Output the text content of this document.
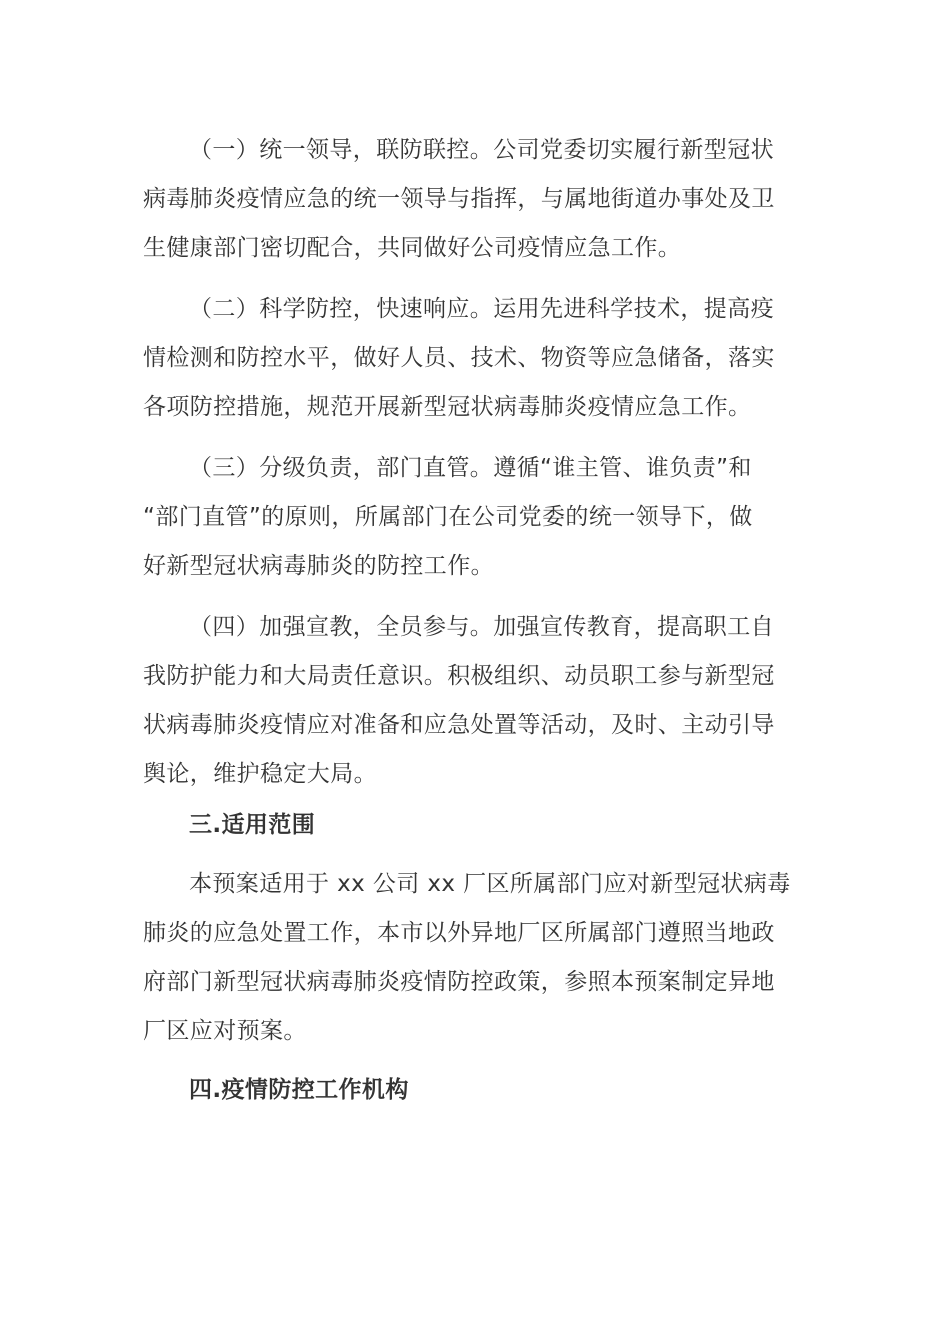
（一）统一领导，联防联控。公司党委切实履行新型冠状
病毒肺炎疫情应急的统一领导与指挥，与属地街道办事处及卫
生健康部门密切配合，共同做好公司疫情应急工作。

（二）科学防控，快速响应。运用先进科学技术，提高疫
情检测和防控水平，做好人员、技术、物资等应急储备，落实
各项防控措施，规范开展新型冠状病毒肺炎疫情应急工作。

（三）分级负责，部门直管。遵循“谁主管、谁负责”和
“部门直管”的原则，所属部门在公司党委的统一领导下，做
好新型冠状病毒肺炎的防控工作。

（四）加强宣教，全员参与。加强宣传教育，提高职工自
我防护能力和大局责任意识。积极组织、动员职工参与新型冠
状病毒肺炎疫情应对准备和应急处置等活动，及时、主动引导
舆论，维护稳定大局。

三.适用范围

本预案适用于 xx 公司 xx 厂区所属部门应对新型冠状病毒
肺炎的应急处置工作，本市以外异地厂区所属部门遵照当地政
府部门新型冠状病毒肺炎疫情防控政策，参照本预案制定异地
厂区应对预案。

四.疫情防控工作机构
